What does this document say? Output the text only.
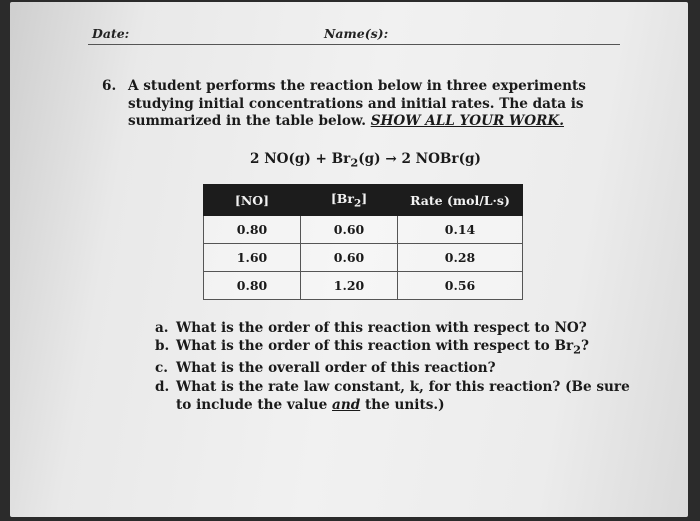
Date:	Name(s):
6. A student performs the reaction below in three experiments studying initial concentrations and initial rates. The data is summarized in the table below. SHOW ALL YOUR WORK.
2 $NO(g) + Br_2(g) \to 2$ NOBr(g)
[NO]	$[Br_2]$	Rate (mol/L·s)
0.80	0.60	0.14
1.60	0.60	0.28
0.80	1.20	0.56
a. What is the order of this reaction with respect to NO?
b. What is the order of this reaction with respect to $Br_2$?
c. What is the overall order of this reaction?
d. What is the rate law constant, k, for this reaction? (Be sure to include the value and the units.)
